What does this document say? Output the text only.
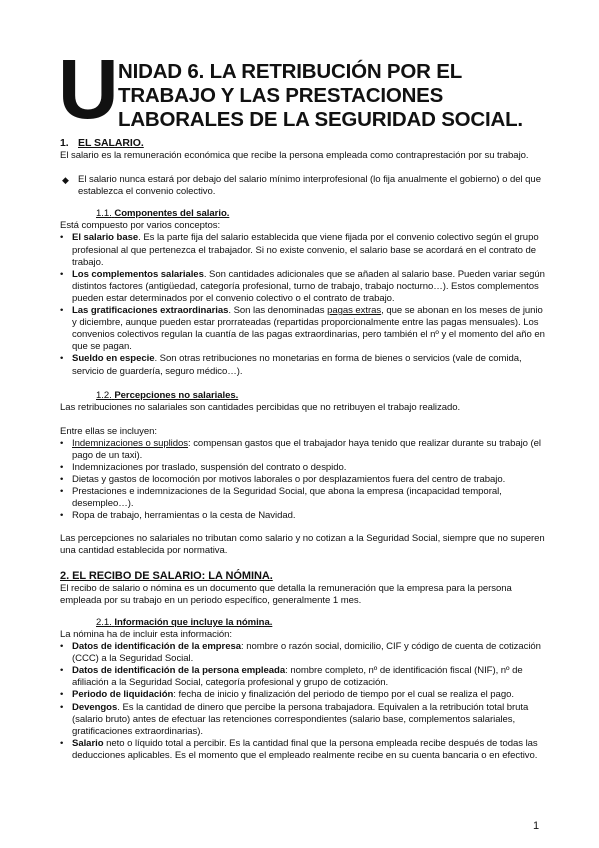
U NIDAD 6. LA RETRIBUCIÓN POR EL
TRABAJO Y LAS PRESTACIONES
LABORALES DE LA SEGURIDAD SOCIAL.
1. EL SALARIO.

El salario es la remuneración económica que recibe la persona empleada como contraprestación por su trabajo.

◆ El salario nunca estará por debajo del salario mínimo interprofesional (lo fija anualmente el gobierno) o del que establezca el convenio colectivo.
1.1. Componentes del salario.

Está compuesto por varios conceptos:

• El salario base. Es la parte fija del salario establecida que viene fijada por el convenio colectivo según el grupo profesional al que pertenezca el trabajador. Si no existe convenio, el salario base se acordará en el contrato de trabajo.
• Los complementos salariales. Son cantidades adicionales que se añaden al salario base. Pueden variar según distintos factores (antigüedad, categoría profesional, turno de trabajo, trabajo nocturno…). Estos complementos pueden estar determinados por el convenio colectivo o el contrato de trabajo.
• Las gratificaciones extraordinarias. Son las denominadas pagas extras, que se abonan en los meses de junio y diciembre, aunque pueden estar prorrateadas (repartidas proporcionalmente entre las pagas mensuales). Los convenios colectivos regulan la cuantía de las pagas extraordinarias, pero también el nº y el momento del año en que se pagan.
• Sueldo en especie. Son otras retribuciones no monetarias en forma de bienes o servicios (vale de comida, servicio de guardería, seguro médico…).
1.2. Percepciones no salariales.

Las retribuciones no salariales son cantidades percibidas que no retribuyen el trabajo realizado.

Entre ellas se incluyen:

• Indemnizaciones o suplidos: compensan gastos que el trabajador haya tenido que realizar durante su trabajo (el pago de un taxi).
• Indemnizaciones por traslado, suspensión del contrato o despido.
• Dietas y gastos de locomoción por motivos laborales o por desplazamientos fuera del centro de trabajo.
• Prestaciones e indemnizaciones de la Seguridad Social, que abona la empresa (incapacidad temporal, desempleo…).
• Ropa de trabajo, herramientas o la cesta de Navidad.

Las percepciones no salariales no tributan como salario y no cotizan a la Seguridad Social, siempre que no superen una cantidad establecida por normativa.

2. EL RECIBO DE SALARIO: LA NÓMINA.

El recibo de salario o nómina es un documento que detalla la remuneración que la empresa para la persona empleada por su trabajo en un periodo específico, generalmente 1 mes.

2.1. Información que incluye la nómina.

La nómina ha de incluir esta información:

• Datos de identificación de la empresa: nombre o razón social, domicilio, CIF y código de cuenta de cotización (CCC) a la Seguridad Social.
• Datos de identificación de la persona empleada: nombre completo, nº de identificación fiscal (NIF), nº de afiliación a la Seguridad Social, categoría profesional y grupo de cotización.
• Periodo de liquidación: fecha de inicio y finalización del periodo de tiempo por el cual se realiza el pago.
• Devengos. Es la cantidad de dinero que percibe la persona trabajadora. Equivalen a la retribución total bruta (salario bruto) antes de efectuar las retenciones correspondientes (salario base, complementos salariales, gratificaciones extraordinarias).
• Salario neto o líquido total a percibir. Es la cantidad final que la persona empleada recibe después de todas las deducciones aplicables. Es el momento que el empleado realmente recibe en su cuenta bancaria o en efectivo.
1
